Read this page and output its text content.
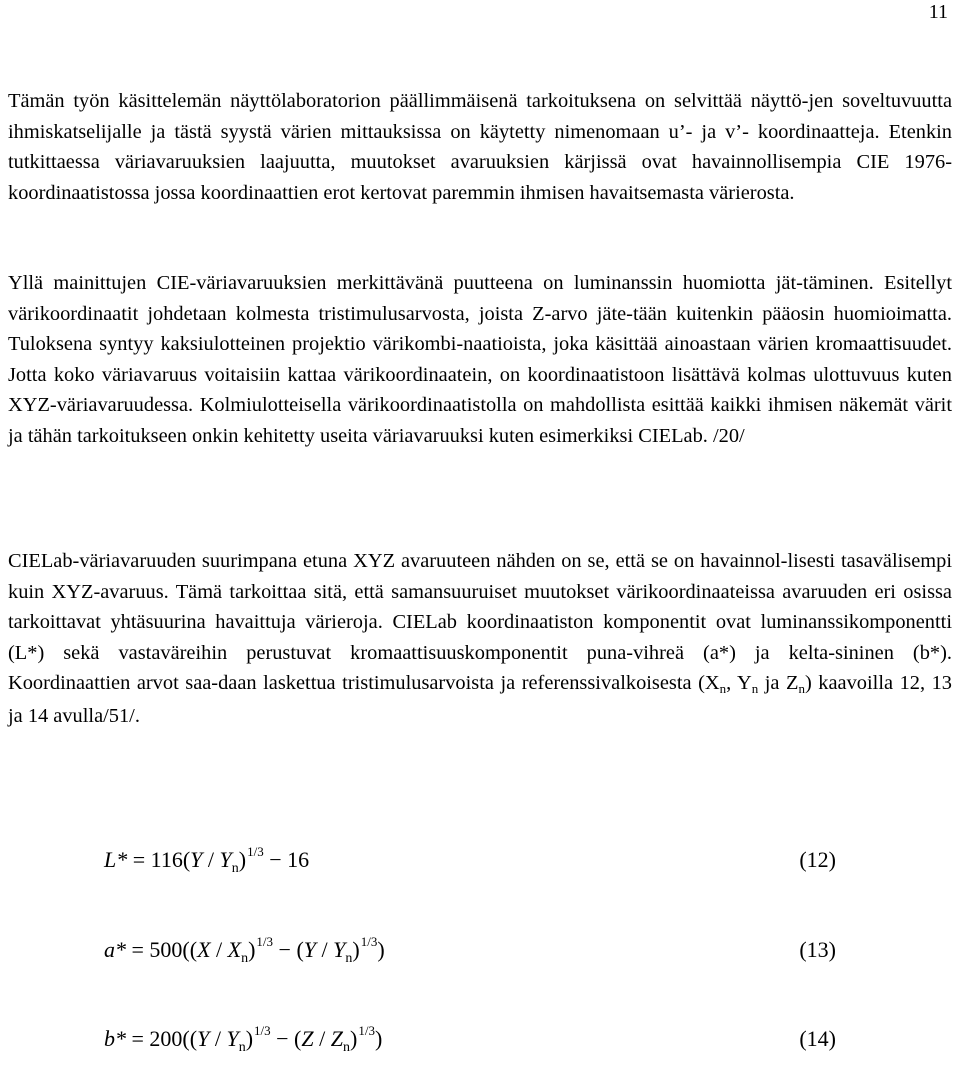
11

Tämän työn käsittelemän näyttölaboratorion päällimmäisenä tarkoituksena on selvittää näyttö-jen soveltuvuutta ihmiskatselijalle ja tästä syystä värien mittauksissa on käytetty nimenomaan u’- ja v’- koordinaatteja. Etenkin tutkittaessa väriavaruuksien laajuutta, muutokset avaruuksien kärjissä ovat havainnollisempia CIE 1976-koordinaatistossa jossa koordinaattien erot kertovat paremmin ihmisen havaitsemasta värierosta.

Yllä mainittujen CIE-väriavaruuksien merkittävänä puutteena on luminanssin huomiotta jät-täminen. Esitellyt värikoordinaatit johdetaan kolmesta tristimulusarvosta, joista Z-arvo jäte-tään kuitenkin pääosin huomioimatta. Tuloksena syntyy kaksiulotteinen projektio värikombi-naatioista, joka käsittää ainoastaan värien kromaattisuudet. Jotta koko väriavaruus voitaisiin kattaa värikoordinaatein, on koordinaatistoon lisättävä kolmas ulottuvuus kuten XYZ-väriavaruudessa. Kolmiulotteisella värikoordinaatistolla on mahdollista esittää kaikki ihmisen näkemät värit ja tähän tarkoitukseen onkin kehitetty useita väriavaruuksi kuten esimerkiksi CIELab. /20/

CIELab-väriavaruuden suurimpana etuna XYZ avaruuteen nähden on se, että se on havainnol-lisesti tasavälisempi kuin XYZ-avaruus. Tämä tarkoittaa sitä, että samansuuruiset muutokset värikoordinaateissa avaruuden eri osissa tarkoittavat yhtäsuurina havaittuja värieroja. CIELab koordinaatiston komponentit ovat luminanssikomponentti (L*) sekä vastaväreihin perustuvat kromaattisuuskomponentit puna-vihreä (a*) ja kelta-sininen (b*). Koordinaattien arvot saa-daan laskettua tristimulusarvoista ja referenssivalkoisesta ($X_n$, $Y_n$ ja $Z_n$) kaavoilla 12, 13 ja 14 avulla/51/.

$L* = 116(Y / Y_n)^{1/3} - 16$	(12)
$a* = 500((X / X_n)^{1/3} - (Y / Y_n)^{1/3})$	(13)
$b* = 200((Y / Y_n)^{1/3} - (Z / Z_n)^{1/3})$	(14)
